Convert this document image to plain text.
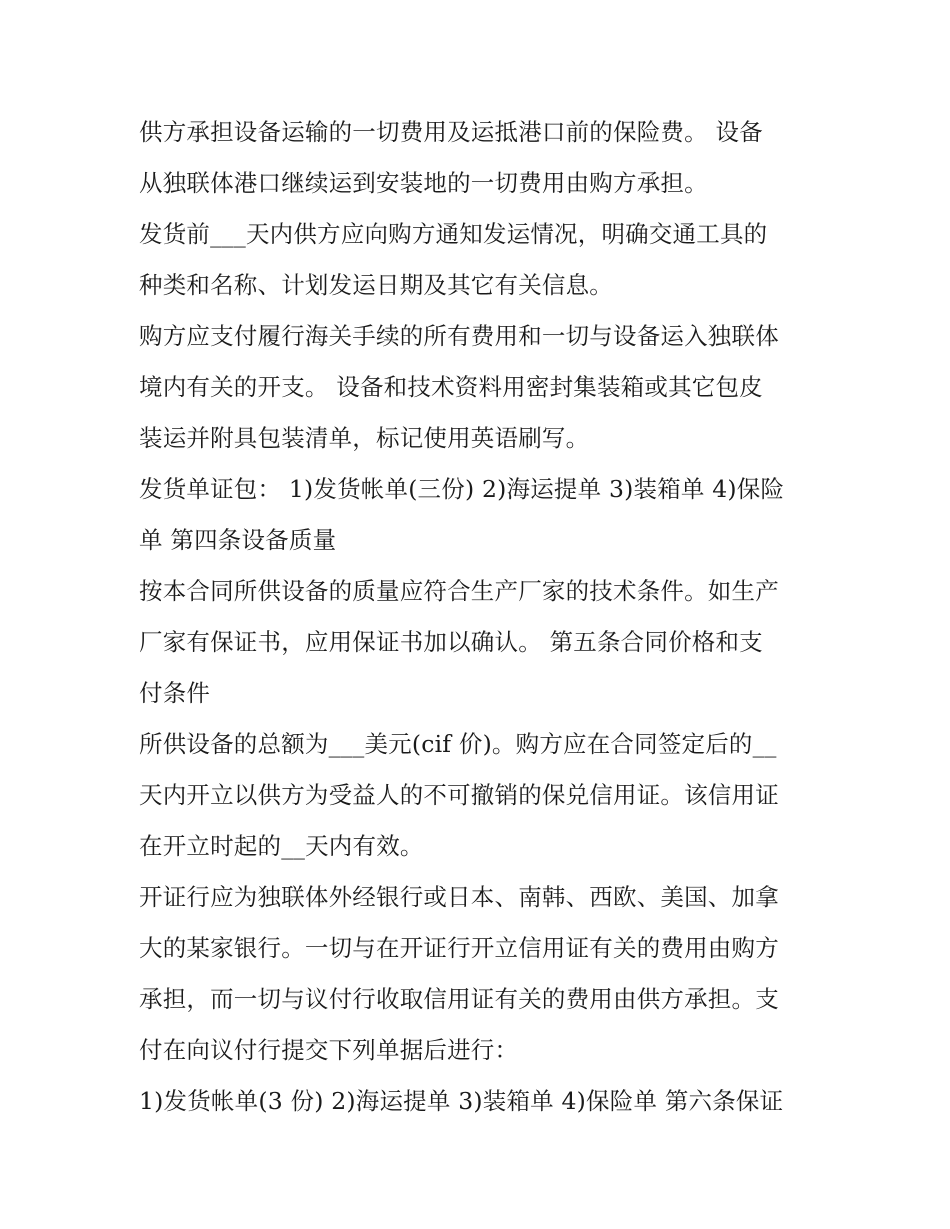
供方承担设备运输的一切费用及运抵港口前的保险费。 设备
从独联体港口继续运到安装地的一切费用由购方承担。
发货前___天内供方应向购方通知发运情况，明确交通工具的
种类和名称、计划发运日期及其它有关信息。
购方应支付履行海关手续的所有费用和一切与设备运入独联体
境内有关的开支。 设备和技术资料用密封集装箱或其它包皮
装运并附具包装清单，标记使用英语刷写。
发货单证包： 1)发货帐单(三份) 2)海运提单 3)装箱单 4)保险
单 第四条设备质量
按本合同所供设备的质量应符合生产厂家的技术条件。如生产
厂家有保证书，应用保证书加以确认。 第五条合同价格和支
付条件
所供设备的总额为___美元(cif 价)。购方应在合同签定后的__
天内开立以供方为受益人的不可撤销的保兑信用证。该信用证
在开立时起的__天内有效。
开证行应为独联体外经银行或日本、南韩、西欧、美国、加拿
大的某家银行。一切与在开证行开立信用证有关的费用由购方
承担，而一切与议付行收取信用证有关的费用由供方承担。支
付在向议付行提交下列单据后进行：
1)发货帐单(3 份) 2)海运提单 3)装箱单 4)保险单 第六条保证
